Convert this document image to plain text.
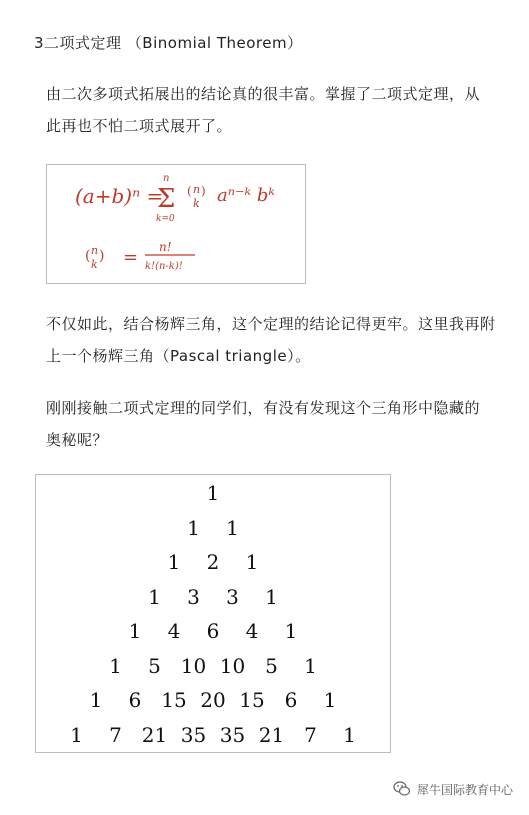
3二项式定理 （Binomial Theorem）
由二次多项式拓展出的结论真的很丰富。掌握了二项式定理，从此再也不怕二项式展开了。
(a+b)ⁿ =
n
Σ
k=0
( n
k
) aⁿ⁻ᵏ bᵏ
( n
k
) = n!
k!(n-k)!
不仅如此，结合杨辉三角，这个定理的结论记得更牢。这里我再附上一个杨辉三角（Pascal triangle）。
刚刚接触二项式定理的同学们，有没有发现这个三角形中隐藏的奥秘呢？
1
1 1
1 2 1
1 3 3 1
1 4 6 4 1
1 5 10 10 5 1
1 6 15 20 15 6 1
1 7 21 35 35 21 7 1
犀牛国际教育中心
